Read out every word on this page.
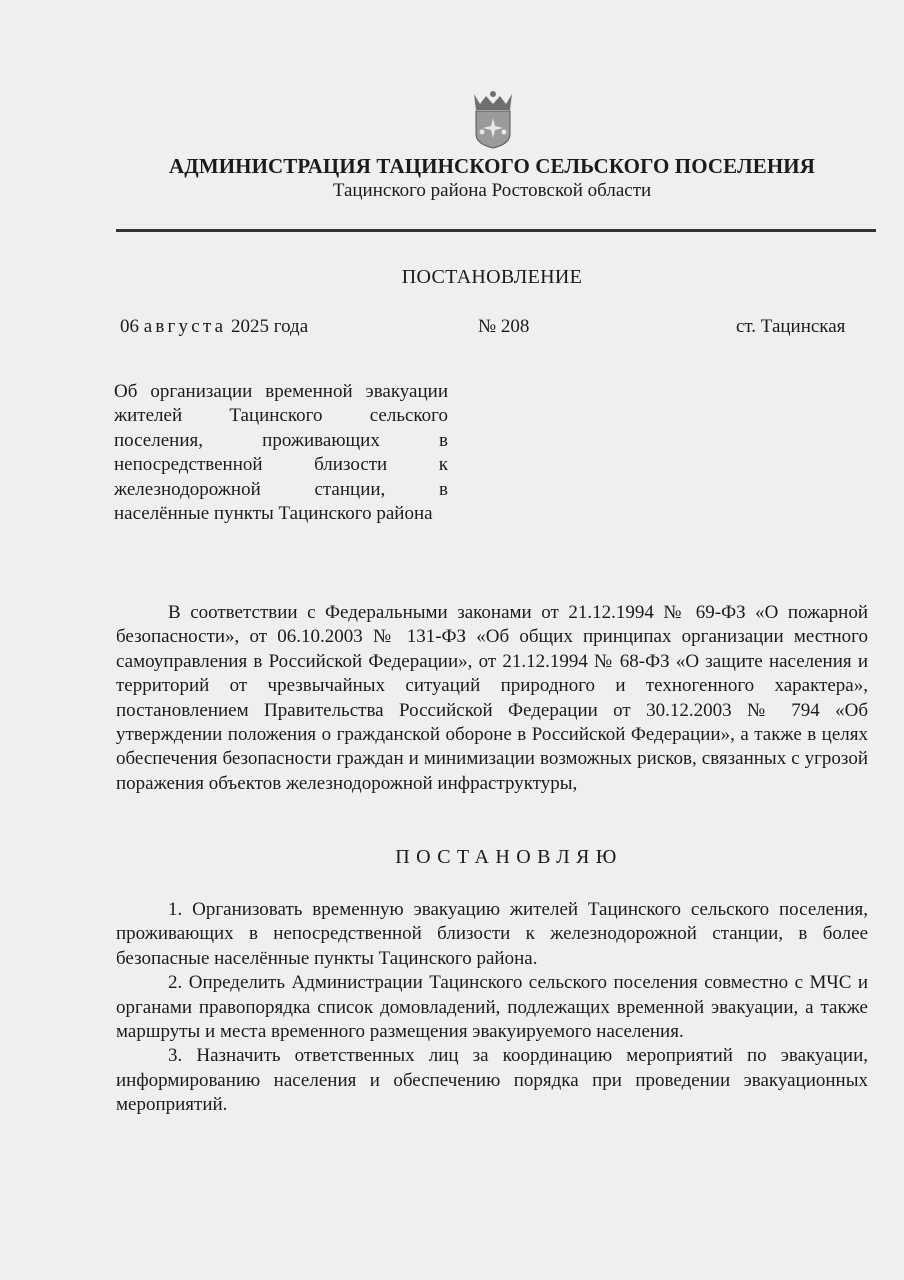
АДМИНИСТРАЦИЯ ТАЦИНСКОГО СЕЛЬСКОГО ПОСЕЛЕНИЯ
Тацинского района Ростовской области
ПОСТАНОВЛЕНИЕ
06 августа 2025 года	№ 208	ст. Тацинская
Об организации временной эвакуации жителей Тацинского сельского поселения, проживающих в непосредственной близости к железнодорожной станции, в населённые пункты Тацинского района

В соответствии с Федеральными законами от 21.12.1994 № 69-ФЗ «О пожарной безопасности», от 06.10.2003 № 131-ФЗ «Об общих принципах организации местного самоуправления в Российской Федерации», от 21.12.1994 № 68-ФЗ «О защите населения и территорий от чрезвычайных ситуаций природного и техногенного характера», постановлением Правительства Российской Федерации от 30.12.2003 № 794 «Об утверждении положения о гражданской обороне в Российской Федерации», а также в целях обеспечения безопасности граждан и минимизации возможных рисков, связанных с угрозой поражения объектов железнодорожной инфраструктуры,

ПОСТАНОВЛЯЮ

1. Организовать временную эвакуацию жителей Тацинского сельского поселения, проживающих в непосредственной близости к железнодорожной станции, в более безопасные населённые пункты Тацинского района.

2. Определить Администрации Тацинского сельского поселения совместно с МЧС и органами правопорядка список домовладений, подлежащих временной эвакуации, а также маршруты и места временного размещения эвакуируемого населения.

3. Назначить ответственных лиц за координацию мероприятий по эвакуации, информированию населения и обеспечению порядка при проведении эвакуационных мероприятий.
